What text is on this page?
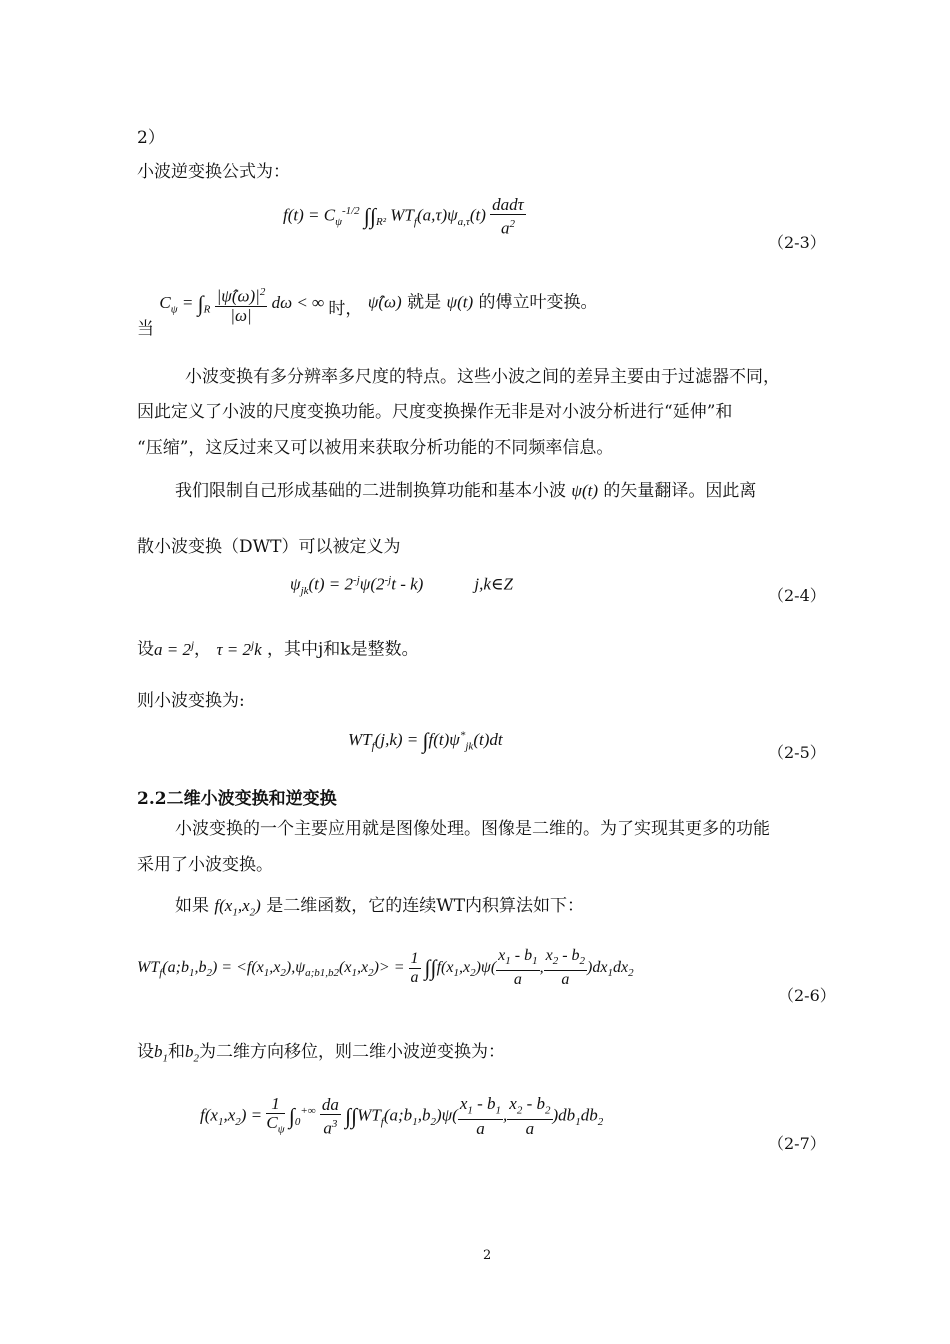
2）
小波逆变换公式为：
$f(t) = C_\psi^{-1/2}$ $\int\int_{R^2}$ $WT_f(a,\tau)\psi_{a,\tau}(t) \frac{\text{dadτ}}{a^2}$
（2-3）
当 $C_\psi = \int_R \frac{|\psî(\omega)|^2}{|\omega|}$ dω < ∞ 时， ψ̂(ω) 就是 ψ(t) 的傅立叶变换。
小波变换有多分辨率多尺度的特点。这些小波之间的差异主要由于过滤器不同，
因此定义了小波的尺度变换功能。尺度变换操作无非是对小波分析进行“延伸”和
“压缩”，这反过来又可以被用来获取分析功能的不同频率信息。
我们限制自己形成基础的二进制换算功能和基本小波 ψ(t) 的矢量翻译。因此离
散小波变换（DWT）可以被定义为
$\psi_{jk}(t) = 2^{-j}\psi(2^{-j}t - k)$            j,k∈Z
（2-4）
设$a = 2^j$， $\tau = 2^jk$ ，其中j和k是整数。
则小波变换为:
$WT_f(j,k) = \int f(t)\psi^*_{jk}(t)dt$
（2-5）
2.2二维小波变换和逆变换
小波变换的一个主要应用就是图像处理。图像是二维的。为了实现其更多的功能
采用了小波变换。
如果 $f(x_1,x_2)$ 是二维函数，它的连续WT内积算法如下：
$WT_f(a;b_1,b_2) = <f(x_1,x_2),\psi_{a;b1,b2}(x_1,x_2)> = \frac{1}{a} \int\int f(x_1,x_2)\psi( \frac{x_1 - b_1}{a}$ , $\frac{x_2 - b_2}{a} )dx_1dx_2$
（2-6）
设$b_1$和$b_2$为二维方向移位，则二维小波逆变换为：
$f(x_1,x_2) = \frac{1}{C_\psi} \int_0^{+\infty} \frac{da}{a^3}$ $\int\int WT_f(a;b_1,b_2)\psi( \frac{x_1 - b_1}{a}$ , $\frac{x_2 - b_2}{a} )db_1db_2$
（2-7）
2
